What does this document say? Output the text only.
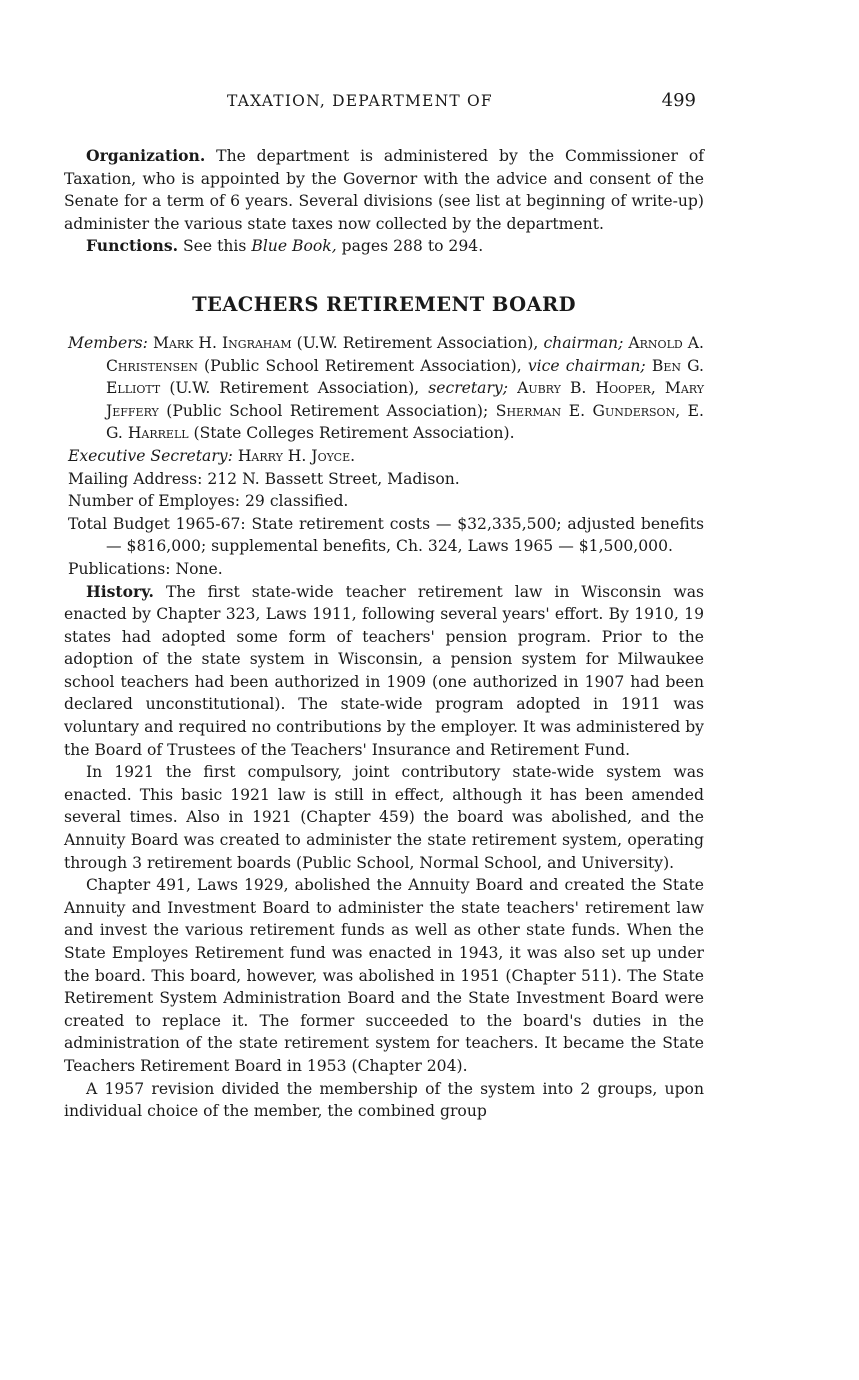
TAXATION, DEPARTMENT OF	499

Organization. The department is administered by the Commissioner of Taxation, who is appointed by the Governor with the advice and consent of the Senate for a term of 6 years. Several divisions (see list at beginning of write-up) administer the various state taxes now collected by the department.

Functions. See this Blue Book, pages 288 to 294.

TEACHERS RETIREMENT BOARD

Members: Mark H. Ingraham (U.W. Retirement Association), chairman; Arnold A. Christensen (Public School Retirement Association), vice chairman; Ben G. Elliott (U.W. Retirement Association), secretary; Aubry B. Hooper, Mary Jeffery (Public School Retirement Association); Sherman E. Gunderson, E. G. Harrell (State Colleges Retirement Association).

Executive Secretary: Harry H. Joyce.

Mailing Address: 212 N. Bassett Street, Madison.

Number of Employes: 29 classified.

Total Budget 1965-67: State retirement costs — $32,335,500; adjusted benefits — $816,000; supplemental benefits, Ch. 324, Laws 1965 — $1,500,000.

Publications: None.

History. The first state-wide teacher retirement law in Wisconsin was enacted by Chapter 323, Laws 1911, following several years' effort. By 1910, 19 states had adopted some form of teachers' pension program. Prior to the adoption of the state system in Wisconsin, a pension system for Milwaukee school teachers had been authorized in 1909 (one authorized in 1907 had been declared unconstitutional). The state-wide program adopted in 1911 was voluntary and required no contributions by the employer. It was administered by the Board of Trustees of the Teachers' Insurance and Retirement Fund.

In 1921 the first compulsory, joint contributory state-wide system was enacted. This basic 1921 law is still in effect, although it has been amended several times. Also in 1921 (Chapter 459) the board was abolished, and the Annuity Board was created to administer the state retirement system, operating through 3 retirement boards (Public School, Normal School, and University).

Chapter 491, Laws 1929, abolished the Annuity Board and created the State Annuity and Investment Board to administer the state teachers' retirement law and invest the various retirement funds as well as other state funds. When the State Employes Retirement fund was enacted in 1943, it was also set up under the board. This board, however, was abolished in 1951 (Chapter 511). The State Retirement System Administration Board and the State Investment Board were created to replace it. The former succeeded to the board's duties in the administration of the state retirement system for teachers. It became the State Teachers Retirement Board in 1953 (Chapter 204).

A 1957 revision divided the membership of the system into 2 groups, upon individual choice of the member, the combined group
